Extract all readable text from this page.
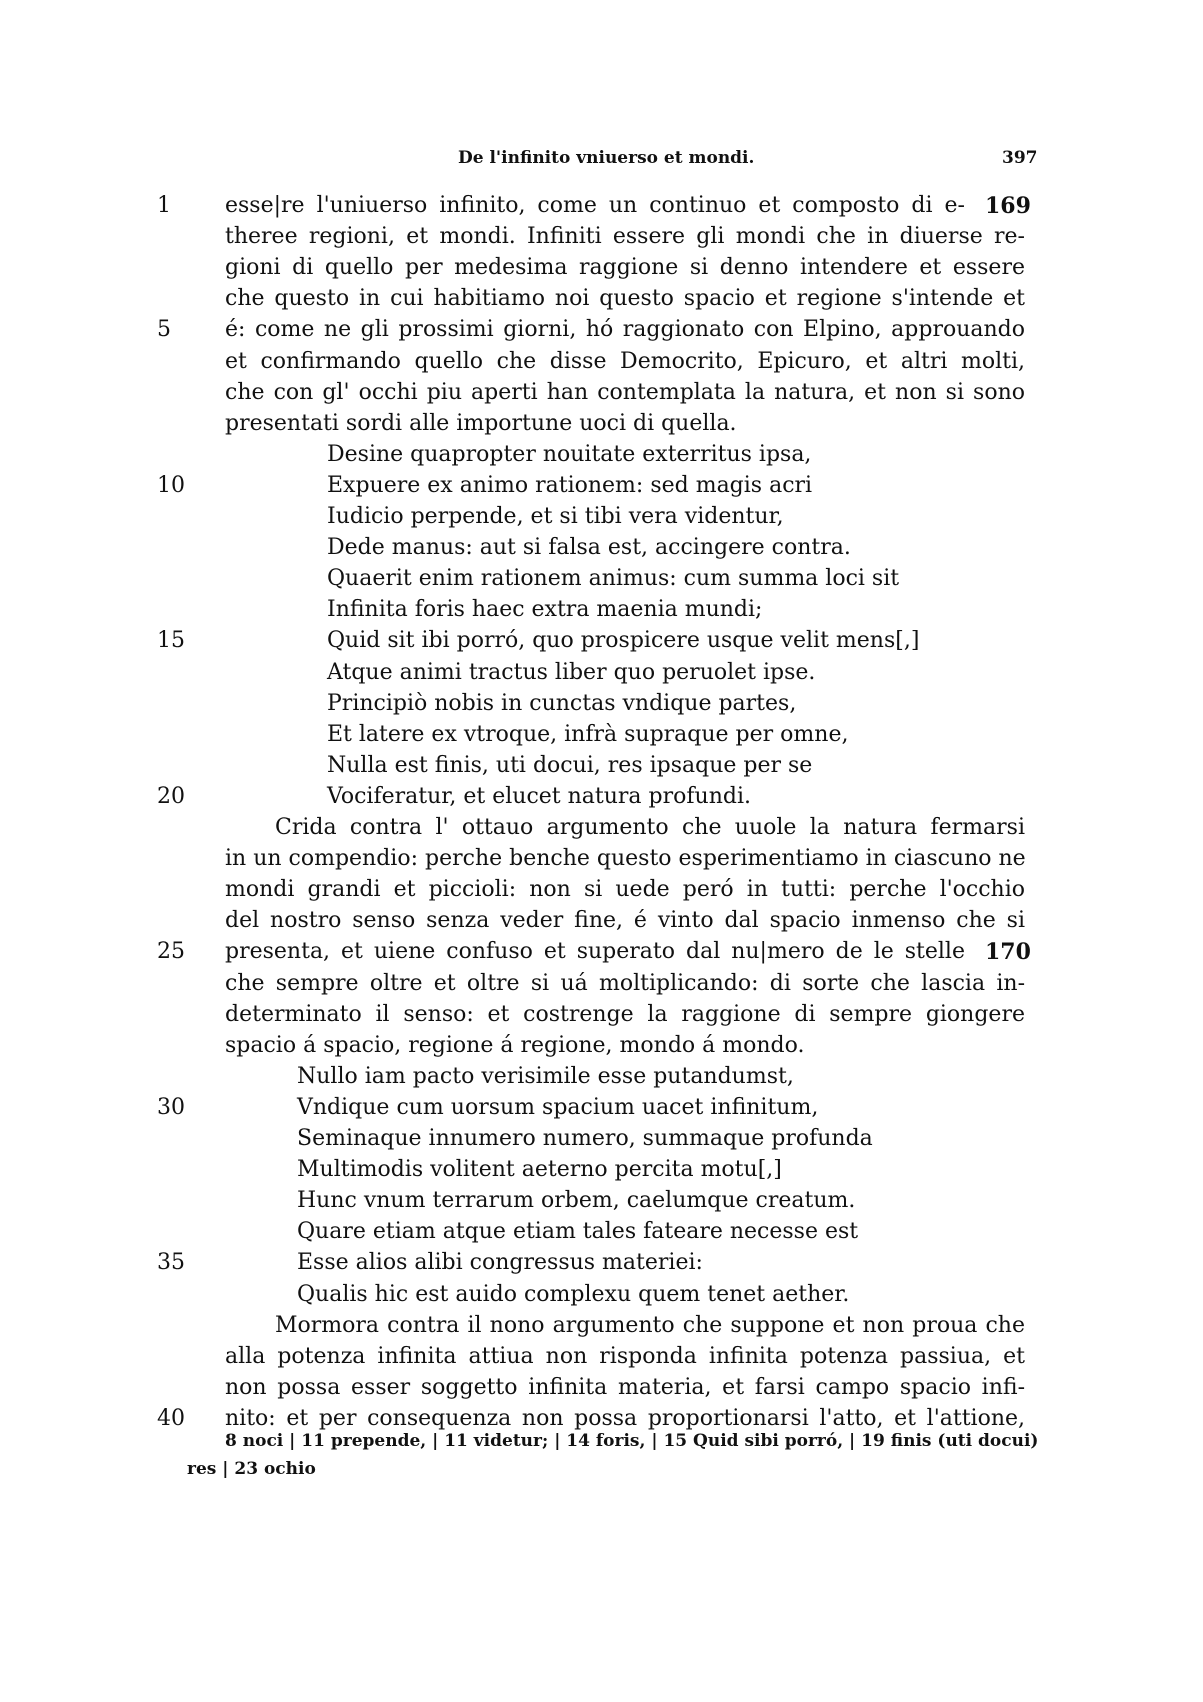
De l'infinito vniuerso et mondi.	397
1	esse|re l'uniuerso infinito, come un continuo et composto di e- 169
theree regioni, et mondi. Infiniti essere gli mondi che in diuerse re-
gioni di quello per medesima raggione si denno intendere et essere
che questo in cui habitiamo noi questo spacio et regione s'intende et
5	é: come ne gli prossimi giorni, hó raggionato con Elpino, approuando
et confirmando quello che disse Democrito, Epicuro, et altri molti,
che con gl' occhi piu aperti han contemplata la natura, et non si sono
presentati sordi alle importune uoci di quella.
Desine quapropter nouitate exterritus ipsa,
10	Expuere ex animo rationem: sed magis acri
Iudicio perpende, et si tibi vera videntur,
Dede manus: aut si falsa est, accingere contra.
Quaerit enim rationem animus: cum summa loci sit
Infinita foris haec extra maenia mundi;
15	Quid sit ibi porró, quo prospicere usque velit mens[,]
Atque animi tractus liber quo peruolet ipse.
Principiò nobis in cunctas vndique partes,
Et latere ex vtroque, infrà supraque per omne,
Nulla est finis, uti docui, res ipsaque per se
20	Vociferatur, et elucet natura profundi.
Crida contra l' ottauo argumento che uuole la natura fermarsi
in un compendio: perche benche questo esperimentiamo in ciascuno ne
mondi grandi et piccioli: non si uede peró in tutti: perche l'occhio
del nostro senso senza veder fine, é vinto dal spacio inmenso che si
25	presenta, et uiene confuso et superato dal nu|mero de le stelle 170
che sempre oltre et oltre si uá moltiplicando: di sorte che lascia in-
determinato il senso: et costrenge la raggione di sempre giongere
spacio á spacio, regione á regione, mondo á mondo.
Nullo iam pacto verisimile esse putandumst,
30	Vndique cum uorsum spacium uacet infinitum,
Seminaque innumero numero, summaque profunda
Multimodis volitent aeterno percita motu[,]
Hunc vnum terrarum orbem, caelumque creatum.
Quare etiam atque etiam tales fateare necesse est
35	Esse alios alibi congressus materiei:
Qualis hic est auido complexu quem tenet aether.
Mormora contra il nono argumento che suppone et non proua che
alla potenza infinita attiua non risponda infinita potenza passiua, et
non possa esser soggetto infinita materia, et farsi campo spacio infi-
40	nito: et per consequenza non possa proportionarsi l'atto, et l'attione,
8 noci | 11 prepende, | 11 videtur; | 14 foris, | 15 Quid sibi porró, | 19 finis (uti docui)
res | 23 ochio
